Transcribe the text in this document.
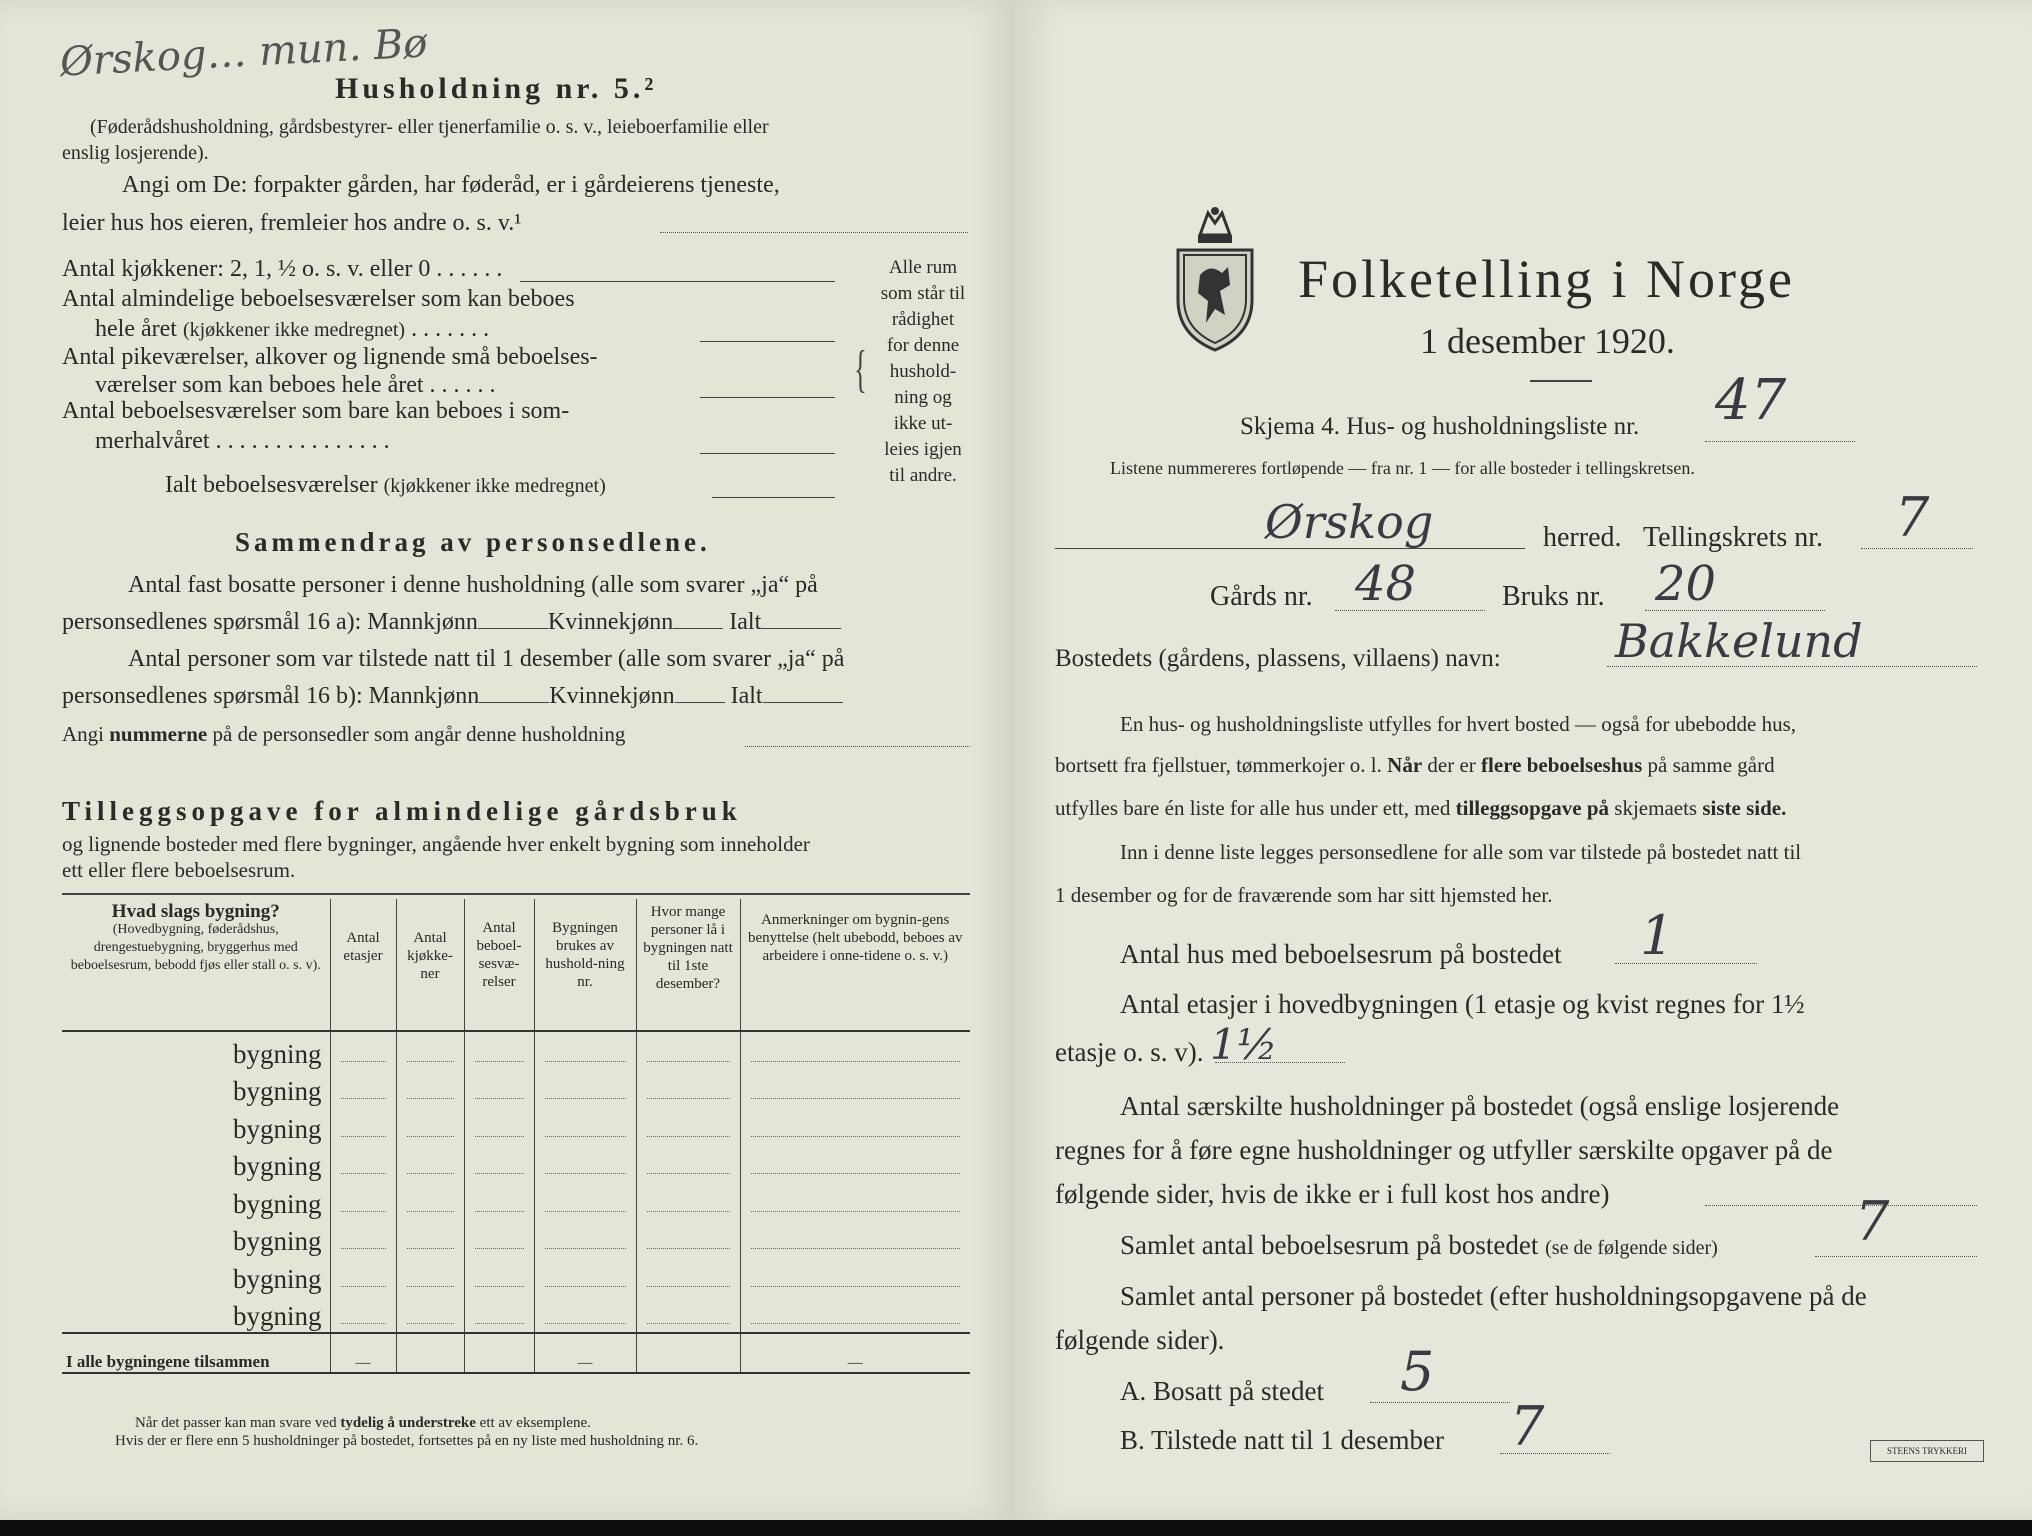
Ørskog… mun. Bø
Husholdning nr. 5.²
(Føderådshusholdning, gårdsbestyrer- eller tjenerfamilie o. s. v., leieboerfamilie eller
enslig losjerende).
Angi om De: forpakter gården, har føderåd, er i gårdeierens tjeneste,
leier hus hos eieren, fremleier hos andre o. s. v.¹
Antal kjøkkener: 2, 1, ½ o. s. v. eller 0 . . . . . .
Antal almindelige beboelsesværelser som kan beboes
hele året (kjøkkener ikke medregnet) . . . . . . .
Antal pikeværelser, alkover og lignende små beboelses-
værelser som kan beboes hele året . . . . . .
Antal beboelsesværelser som bare kan beboes i som-
merhalvåret . . . . . . . . . . . . . . .
Ialt beboelsesværelser (kjøkkener ikke medregnet)
{
Alle rum
som står til
rådighet
for denne
hushold-
ning og
ikke ut-
leies igjen
til andre.
Sammendrag av personsedlene.
Antal fast bosatte personer i denne husholdning (alle som svarer „ja“ på
personsedlenes spørsmål 16 a): Mannkjønn	Kvinnekjønn Ialt
Antal personer som var tilstede natt til 1 desember (alle som svarer „ja“ på
personsedlenes spørsmål 16 b): Mannkjønn	Kvinnekjønn Ialt
Angi nummerne på de personsedler som angår denne husholdning
Tilleggsopgave for almindelige gårdsbruk
og lignende bosteder med flere bygninger, angående hver enkelt bygning som inneholder
ett eller flere beboelsesrum.
Hvad slags bygning?
(Hovedbygning, føderådshus, drengestuebygning, bryggerhus med beboelsesrum, bebodd fjøs eller stall o. s. v).	Antal etasjer	Antal kjøkke-ner	Antal beboel-sesvæ-relser	Bygningen brukes av hushold-ning nr.	Hvor mange personer lå i bygningen natt til 1ste desember?	Anmerkninger om bygnin-gens benyttelse (helt ubebodd, beboes av arbeidere i onne-tidene o. s. v.)
bygning	

bygning	

bygning	

bygning	

bygning	

bygning	

bygning	

bygning	

I alle bygningene tilsammen	—			—		—
Når det passer kan man svare ved tydelig å understreke ett av eksemplene.
Hvis der er flere enn 5 husholdninger på bostedet, fortsettes på en ny liste med husholdning nr. 6.
Folketelling i Norge
1 desember 1920.
Skjema 4. Hus- og husholdningsliste nr. 47
Listene nummereres fortløpende — fra nr. 1 — for alle bosteder i tellingskretsen.
Ørskog	herred. Tellingskrets nr. 7
Gårds nr. 48	Bruks nr. 20
Bostedets (gårdens, plassens, villaens) navn: Bakkelund
En hus- og husholdningsliste utfylles for hvert bosted — også for ubebodde hus,
bortsett fra fjellstuer, tømmerkojer o. l. Når der er flere beboelseshus på samme gård
utfylles bare én liste for alle hus under ett, med tilleggsopgave på skjemaets siste side.
Inn i denne liste legges personsedlene for alle som var tilstede på bostedet natt til
1 desember og for de fraværende som har sitt hjemsted her.
Antal hus med beboelsesrum på bostedet 1
Antal etasjer i hovedbygningen (1 etasje og kvist regnes for 1½
etasje o. s. v). 1½
Antal særskilte husholdninger på bostedet (også enslige losjerende
regnes for å føre egne husholdninger og utfyller særskilte opgaver på de
følgende sider, hvis de ikke er i full kost hos andre)
Samlet antal beboelsesrum på bostedet (se de følgende sider)	7
Samlet antal personer på bostedet (efter husholdningsopgavene på de
følgende sider).
A. Bosatt på stedet 5
B. Tilstede natt til 1 desember 7	STEENS TRYKKERI
